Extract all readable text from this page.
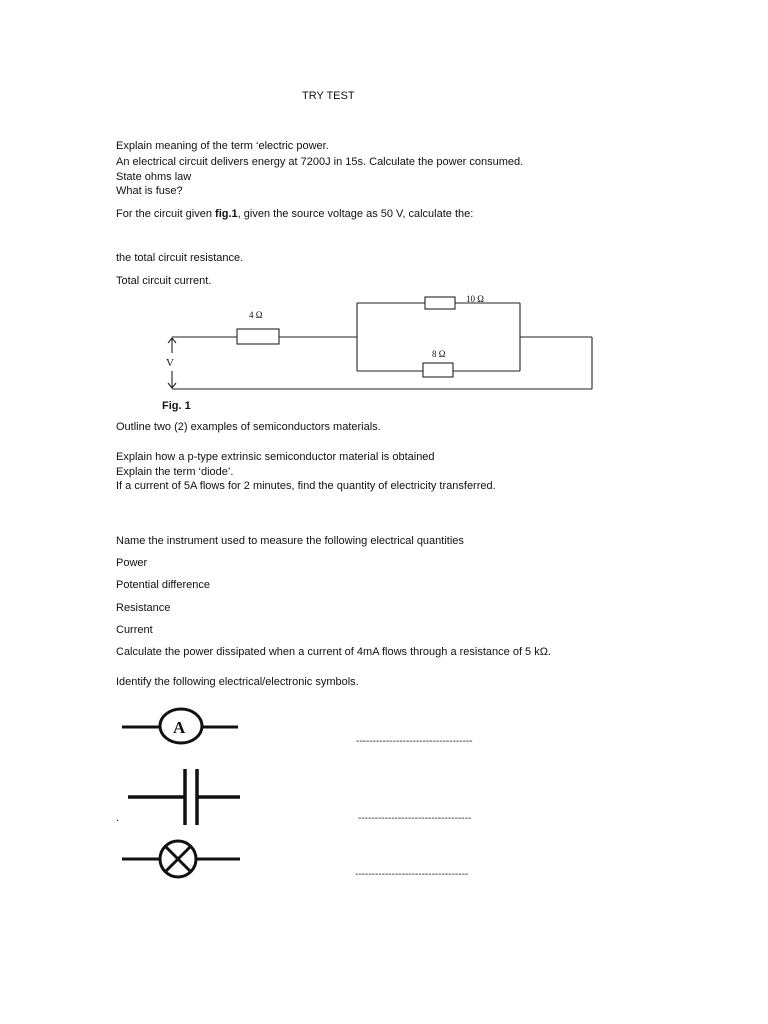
TRY TEST
Explain meaning of the term ‘electric power.
An electrical circuit delivers energy at 7200J in 15s. Calculate the power consumed.
State ohms law
What is fuse?
For the circuit given fig.1, given the source voltage as 50 V, calculate the:
the total circuit resistance.
Total circuit current.
4 Ω
10 Ω
8 Ω
V
Fig. 1
Outline two (2) examples of semiconductors materials.
Explain how a p-type extrinsic semiconductor material is obtained
Explain the term ‘diode’.
If a current of 5A flows for 2 minutes, find the quantity of electricity transferred.
Name the instrument used to measure the following electrical quantities
Power
Potential difference
Resistance
Current
Calculate the power dissipated when a current of 4mA flows through a resistance of 5 kΩ.
Identify the following electrical/electronic symbols.
A
-----------------------------------
.	----------------------------------
----------------------------------
